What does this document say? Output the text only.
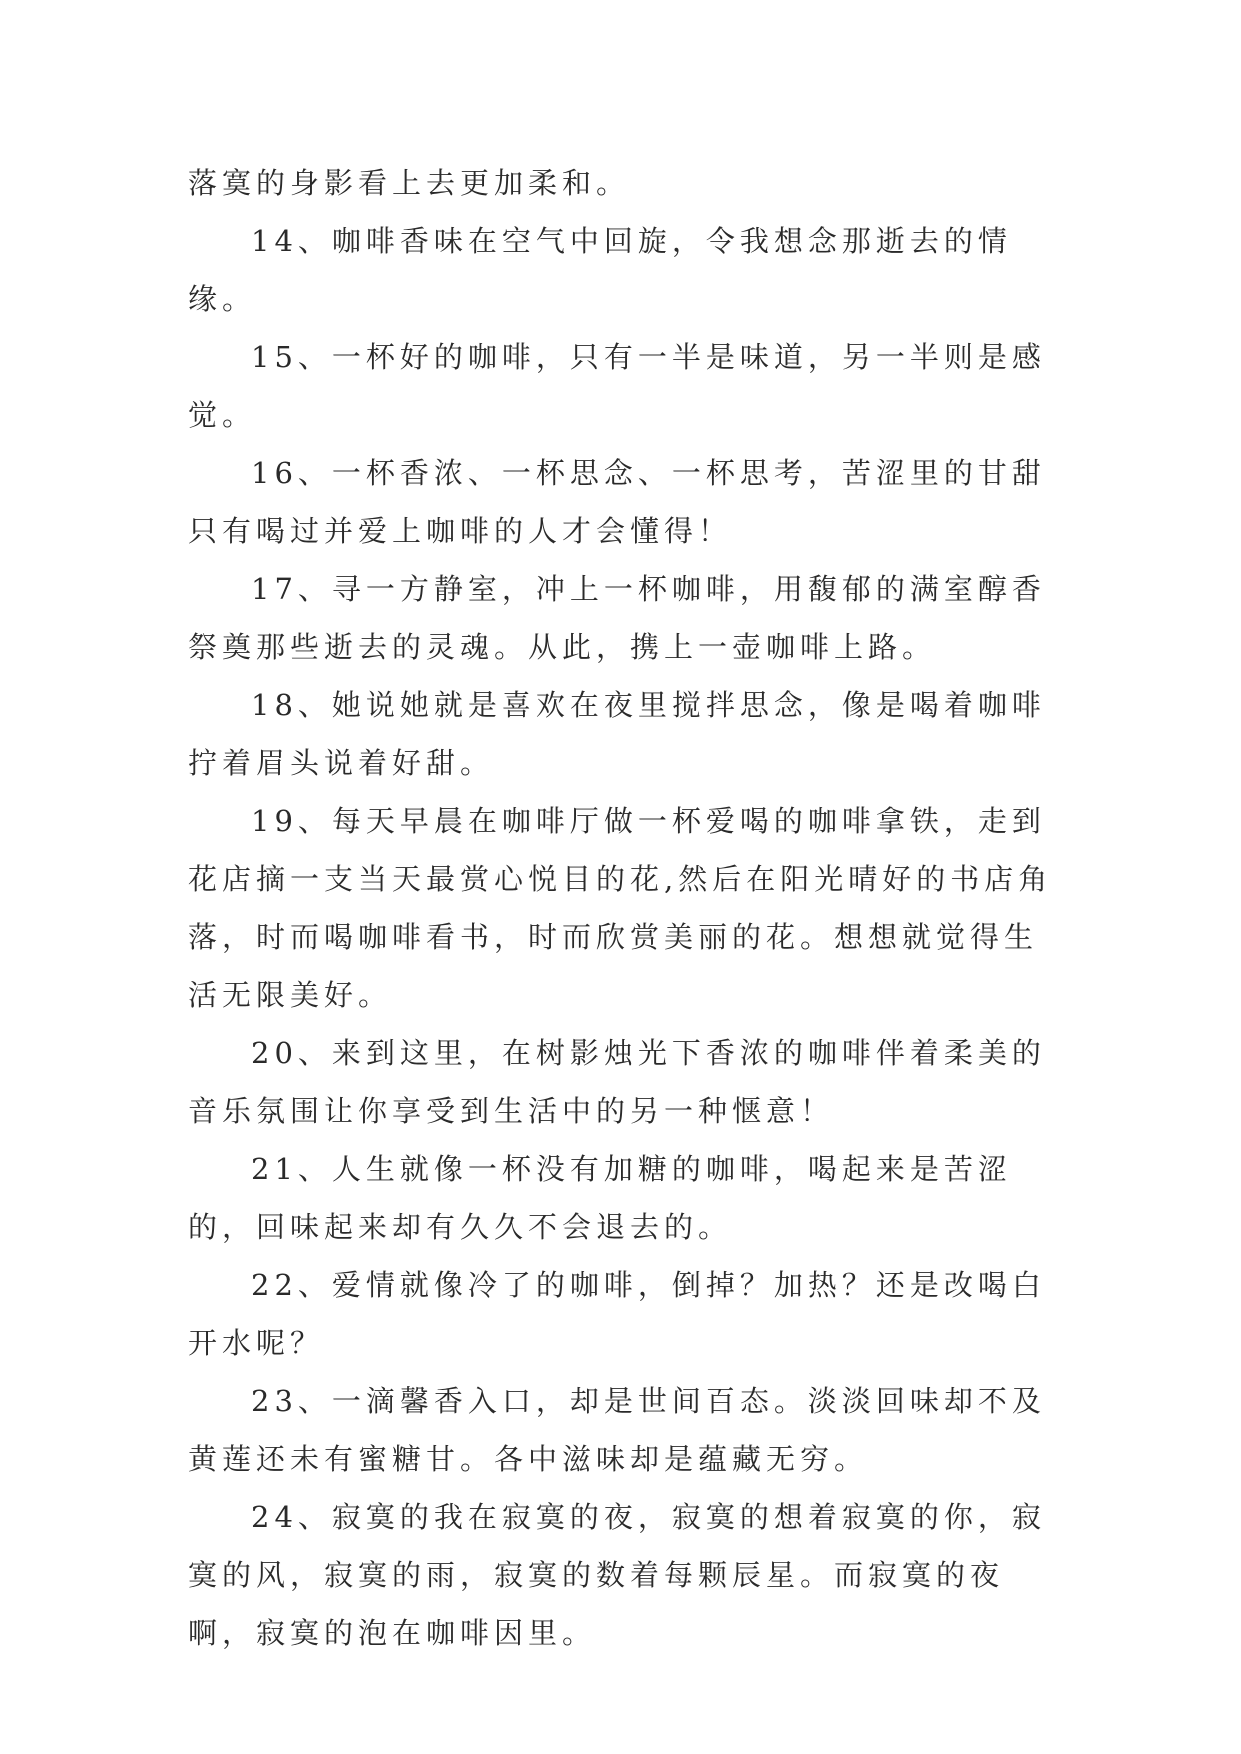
落寞的身影看上去更加柔和。

14、咖啡香味在空气中回旋，令我想念那逝去的情缘。

15、一杯好的咖啡，只有一半是味道，另一半则是感觉。

16、一杯香浓、一杯思念、一杯思考，苦涩里的甘甜只有喝过并爱上咖啡的人才会懂得！

17、寻一方静室，冲上一杯咖啡，用馥郁的满室醇香祭奠那些逝去的灵魂。从此，携上一壶咖啡上路。

18、她说她就是喜欢在夜里搅拌思念，像是喝着咖啡拧着眉头说着好甜。

19、每天早晨在咖啡厅做一杯爱喝的咖啡拿铁，走到花店摘一支当天最赏心悦目的花,然后在阳光晴好的书店角落，时而喝咖啡看书，时而欣赏美丽的花。想想就觉得生活无限美好。

20、来到这里，在树影烛光下香浓的咖啡伴着柔美的音乐氛围让你享受到生活中的另一种惬意！

21、人生就像一杯没有加糖的咖啡，喝起来是苦涩的，回味起来却有久久不会退去的。

22、爱情就像冷了的咖啡，倒掉？加热？还是改喝白开水呢？

23、一滴馨香入口，却是世间百态。淡淡回味却不及黄莲还未有蜜糖甘。各中滋味却是蕴藏无穷。

24、寂寞的我在寂寞的夜，寂寞的想着寂寞的你，寂寞的风，寂寞的雨，寂寞的数着每颗辰星。而寂寞的夜啊，寂寞的泡在咖啡因里。
